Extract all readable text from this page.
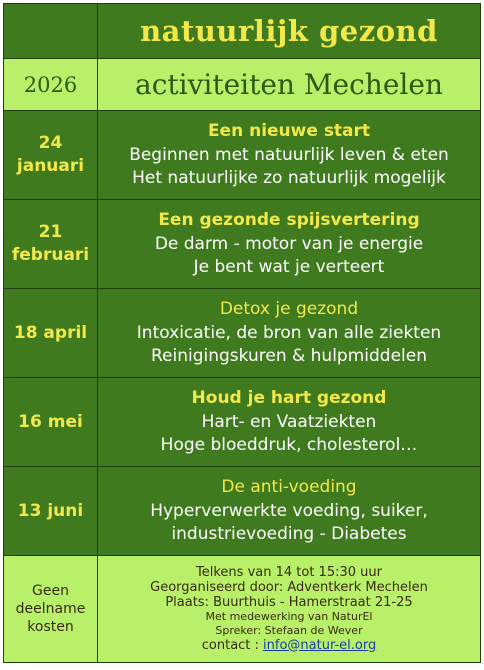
natuurlijk gezond
2026 activiteiten Mechelen
24
januari
Een nieuwe start
Beginnen met natuurlijk leven & eten
Het natuurlijke zo natuurlijk mogelijk
21
februari
Een gezonde spijsvertering
De darm - motor van je energie
Je bent wat je verteert
18 april
Detox je gezond
Intoxicatie, de bron van alle ziekten
Reinigingskuren & hulpmiddelen
16 mei
Houd je hart gezond
Hart- en Vaatziekten
Hoge bloeddruk, cholesterol…
13 juni
De anti-voeding
Hyperverwerkte voeding, suiker,
industrievoeding - Diabetes
Geen
deelname
kosten
Telkens van 14 tot 15:30 uur
Georganiseerd door: Adventkerk Mechelen
Plaats: Buurthuis - Hamerstraat 21-25
Met medewerking van NaturEl
Spreker: Stefaan de Wever
contact : info@natur-el.org
